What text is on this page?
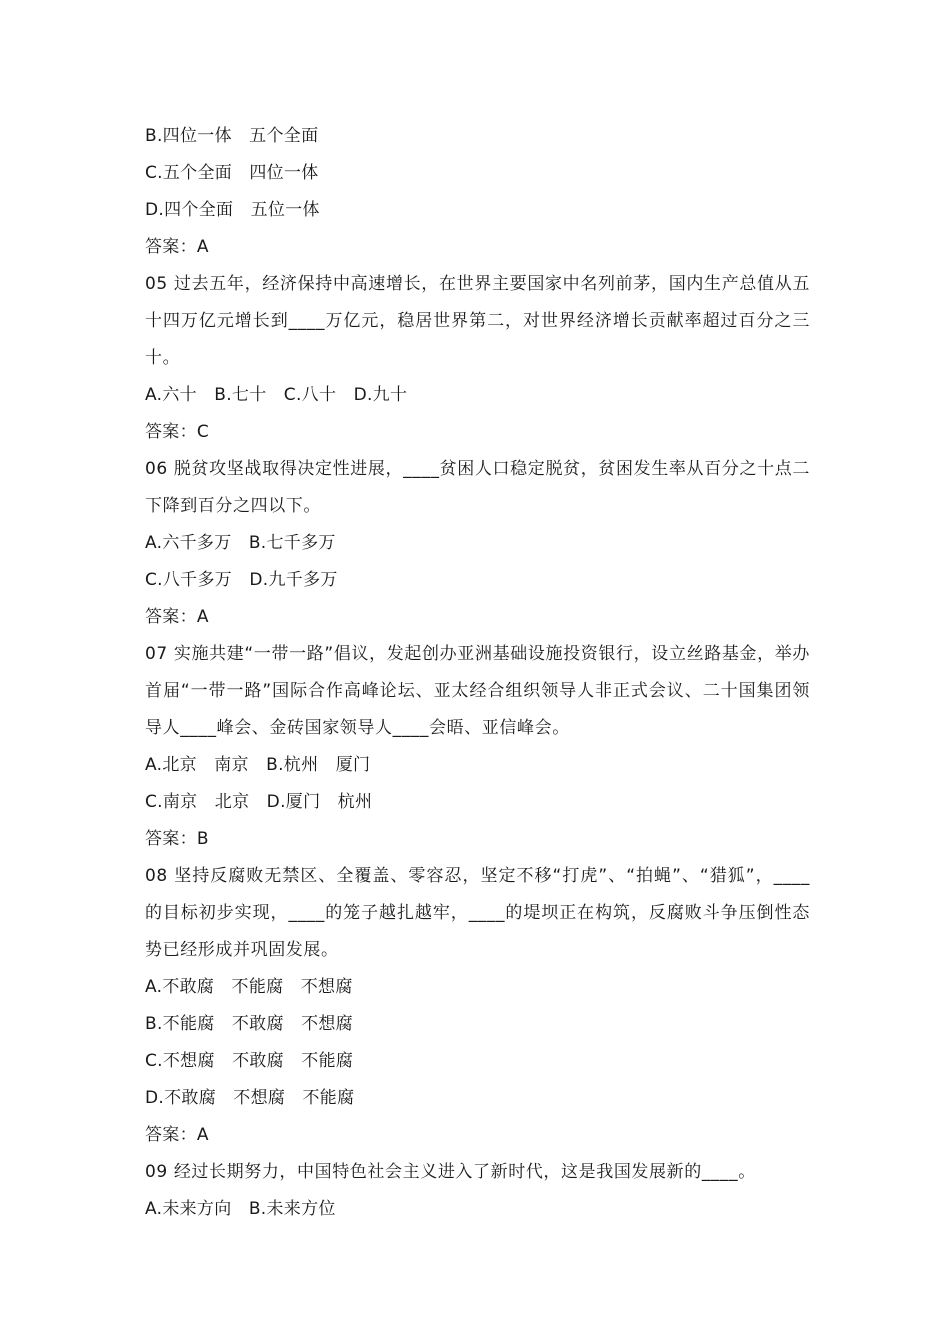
B.四位一体　五个全面
C.五个全面　四位一体
D.四个全面　五位一体
答案：A

05 过去五年，经济保持中高速增长，在世界主要国家中名列前茅，国内生产总值从五十四万亿元增长到____万亿元，稳居世界第二，对世界经济增长贡献率超过百分之三十。

A.六十　B.七十　C.八十　D.九十
答案：C

06 脱贫攻坚战取得决定性进展，____贫困人口稳定脱贫，贫困发生率从百分之十点二下降到百分之四以下。

A.六千多万　B.七千多万
C.八千多万　D.九千多万
答案：A

07 实施共建“一带一路”倡议，发起创办亚洲基础设施投资银行，设立丝路基金，举办首届“一带一路”国际合作高峰论坛、亚太经合组织领导人非正式会议、二十国集团领导人____峰会、金砖国家领导人____会晤、亚信峰会。

A.北京　南京　B.杭州　厦门
C.南京　北京　D.厦门　杭州
答案：B

08 坚持反腐败无禁区、全覆盖、零容忍，坚定不移“打虎”、“拍蝇”、“猎狐”，____的目标初步实现，____的笼子越扎越牢，____的堤坝正在构筑，反腐败斗争压倒性态势已经形成并巩固发展。

A.不敢腐　不能腐　不想腐
B.不能腐　不敢腐　不想腐
C.不想腐　不敢腐　不能腐
D.不敢腐　不想腐　不能腐
答案：A

09 经过长期努力，中国特色社会主义进入了新时代，这是我国发展新的____。

A.未来方向　B.未来方位
